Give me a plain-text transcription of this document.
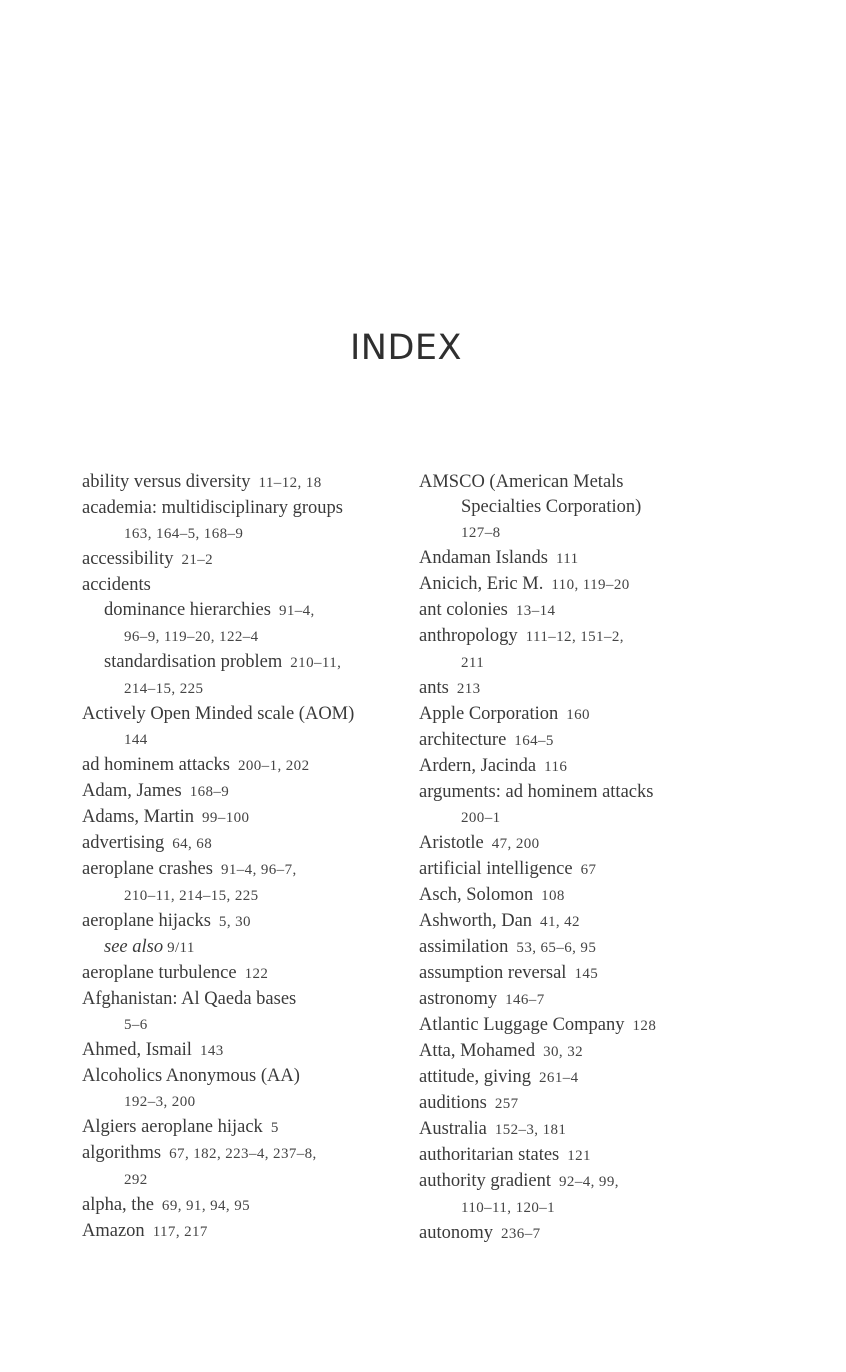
INDEX
ability versus diversity 11–12, 18
academia: multidisciplinary groups
163, 164–5, 168–9
accessibility 21–2
accidents
dominance hierarchies 91–4,
96–9, 119–20, 122–4
standardisation problem 210–11,
214–15, 225
Actively Open Minded scale (AOM)
144
ad hominem attacks 200–1, 202
Adam, James 168–9
Adams, Martin 99–100
advertising 64, 68
aeroplane crashes 91–4, 96–7,
210–11, 214–15, 225
aeroplane hijacks 5, 30
see also 9/11
aeroplane turbulence 122
Afghanistan: Al Qaeda bases
5–6
Ahmed, Ismail 143
Alcoholics Anonymous (AA)
192–3, 200
Algiers aeroplane hijack 5
algorithms 67, 182, 223–4, 237–8,
292
alpha, the 69, 91, 94, 95
Amazon 117, 217
AMSCO (American Metals
Specialties Corporation)
127–8
Andaman Islands 111
Anicich, Eric M. 110, 119–20
ant colonies 13–14
anthropology 111–12, 151–2,
211
ants 213
Apple Corporation 160
architecture 164–5
Ardern, Jacinda 116
arguments: ad hominem attacks
200–1
Aristotle 47, 200
artificial intelligence 67
Asch, Solomon 108
Ashworth, Dan 41, 42
assimilation 53, 65–6, 95
assumption reversal 145
astronomy 146–7
Atlantic Luggage Company 128
Atta, Mohamed 30, 32
attitude, giving 261–4
auditions 257
Australia 152–3, 181
authoritarian states 121
authority gradient 92–4, 99,
110–11, 120–1
autonomy 236–7
